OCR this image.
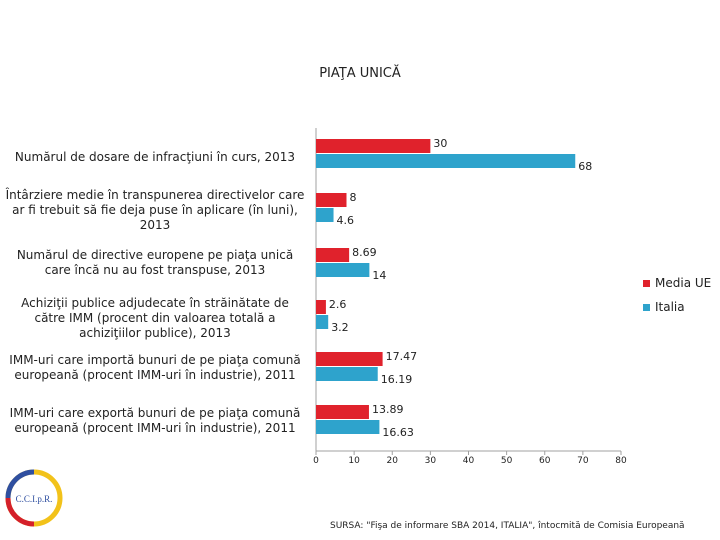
0	10	20	30	40	50	60	70	80
30
68
Numărul de dosare de infracţiuni în curs, 2013
8
4.6
Întârziere medie în transpunerea directivelor care ar fi trebuit să fie deja puse în aplicare (în luni), 2013
8.69
14
Numărul de directive europene pe piaţa unică care încă nu au fost transpuse, 2013
2.6
3.2
Achiziţii publice adjudecate în străinătate de către IMM (procent din valoarea totală a achiziţiilor publice), 2013
17.47
16.19
IMM-uri care importă bunuri de pe piaţa comună europeană (procent IMM-uri în industrie), 2011
13.89
16.63
IMM-uri care exportă bunuri de pe piaţa comună europeană (procent IMM-uri în industrie), 2011
PIAŢA UNICĂ
Media UE
Italia
SURSA: "Fişa de informare SBA 2014, ITALIA", întocmită de Comisia Europeană
C.C.I.p.R.
